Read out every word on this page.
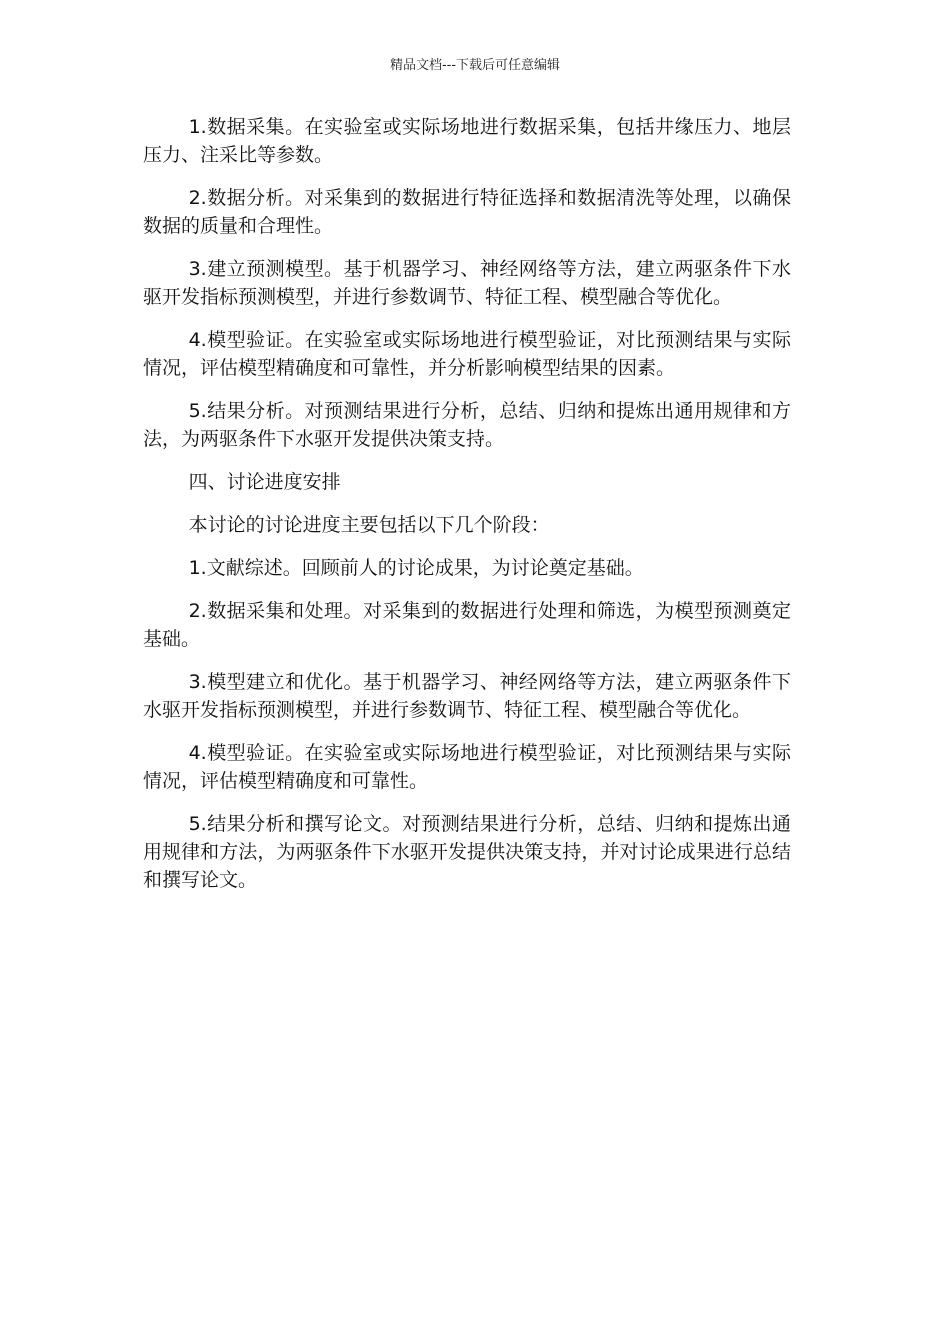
精品文档---下载后可任意编辑

1.数据采集。在实验室或实际场地进行数据采集，包括井缘压力、地层压力、注采比等参数。

2.数据分析。对采集到的数据进行特征选择和数据清洗等处理，以确保数据的质量和合理性。

3.建立预测模型。基于机器学习、神经网络等方法，建立两驱条件下水驱开发指标预测模型，并进行参数调节、特征工程、模型融合等优化。

4.模型验证。在实验室或实际场地进行模型验证，对比预测结果与实际情况，评估模型精确度和可靠性，并分析影响模型结果的因素。

5.结果分析。对预测结果进行分析，总结、归纳和提炼出通用规律和方法，为两驱条件下水驱开发提供决策支持。

四、讨论进度安排

本讨论的讨论进度主要包括以下几个阶段：

1.文献综述。回顾前人的讨论成果，为讨论奠定基础。

2.数据采集和处理。对采集到的数据进行处理和筛选，为模型预测奠定基础。

3.模型建立和优化。基于机器学习、神经网络等方法，建立两驱条件下水驱开发指标预测模型，并进行参数调节、特征工程、模型融合等优化。

4.模型验证。在实验室或实际场地进行模型验证，对比预测结果与实际情况，评估模型精确度和可靠性。

5.结果分析和撰写论文。对预测结果进行分析，总结、归纳和提炼出通用规律和方法，为两驱条件下水驱开发提供决策支持，并对讨论成果进行总结和撰写论文。
